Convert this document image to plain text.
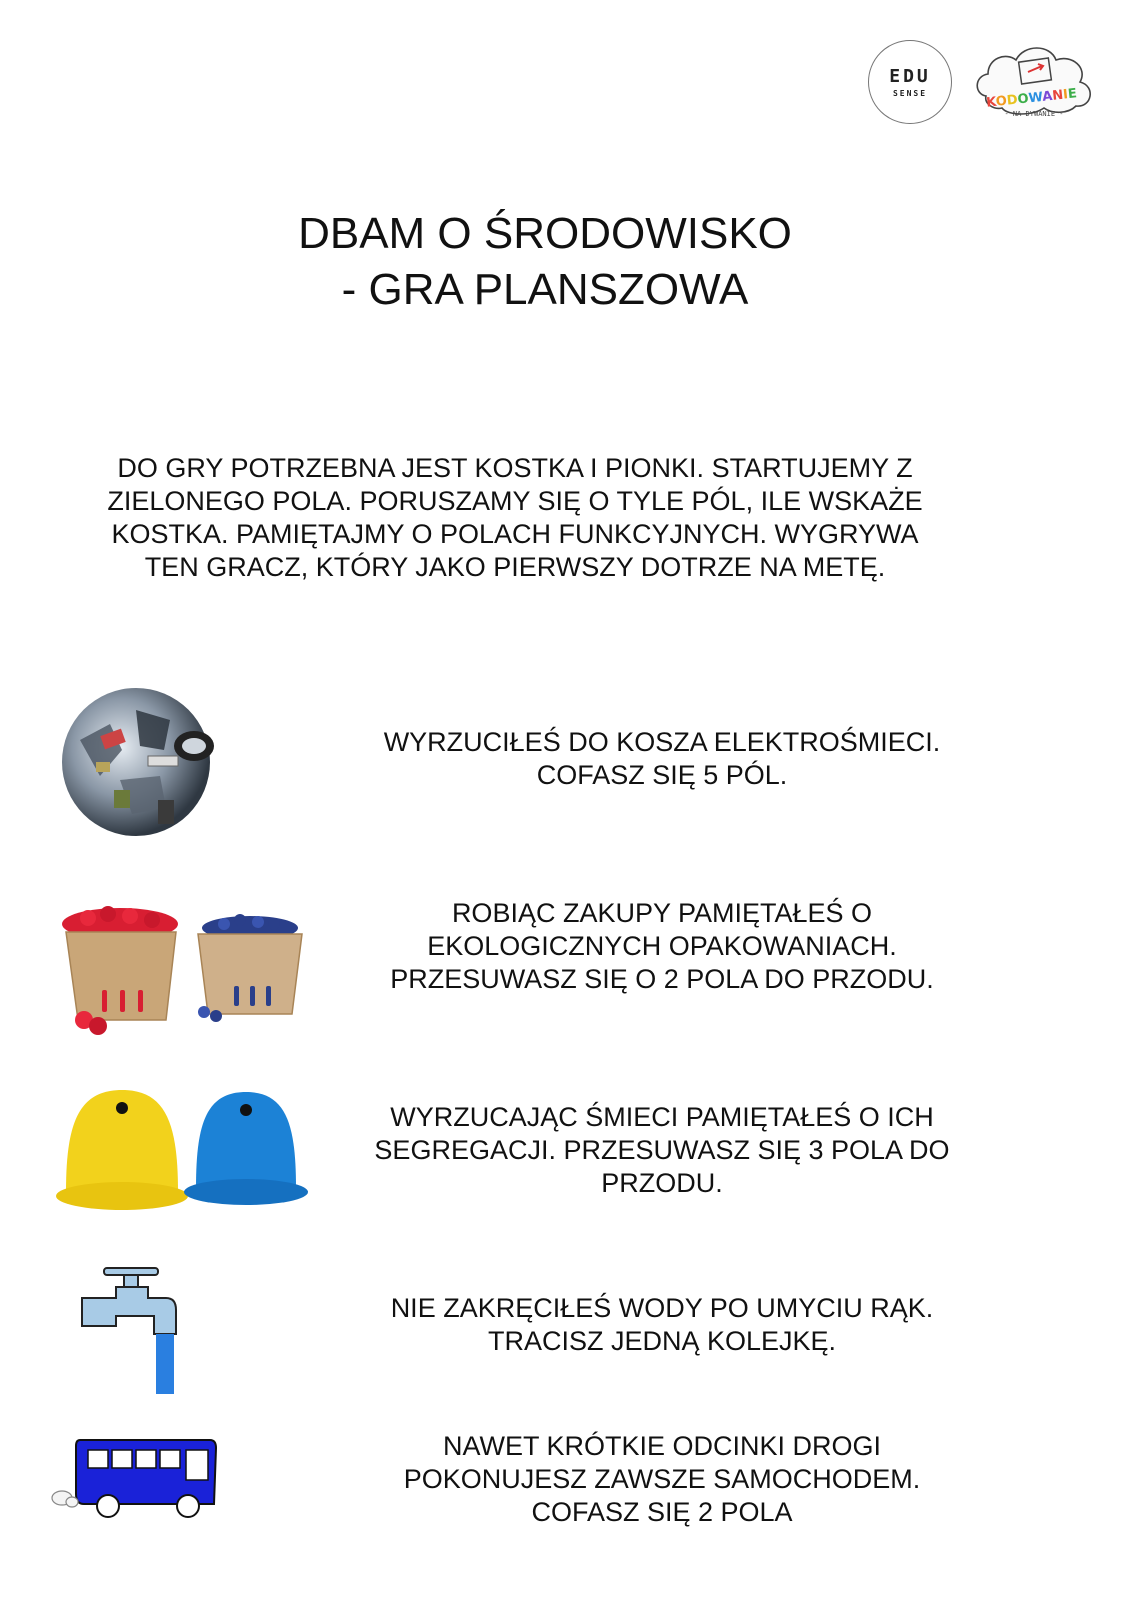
EDU
SENSE
KODOWANIE
- NA DYWANIE -
DBAM O ŚRODOWISKO
- GRA PLANSZOWA
DO GRY POTRZEBNA JEST KOSTKA I PIONKI. STARTUJEMY Z
ZIELONEGO POLA. PORUSZAMY SIĘ O TYLE PÓL, ILE WSKAŻE
KOSTKA. PAMIĘTAJMY O POLACH FUNKCYJNYCH. WYGRYWA
TEN GRACZ, KTÓRY JAKO PIERWSZY DOTRZE NA METĘ.
WYRZUCIŁEŚ DO KOSZA ELEKTROŚMIECI.
COFASZ SIĘ 5 PÓL.
ROBIĄC ZAKUPY PAMIĘTAŁEŚ O
EKOLOGICZNYCH OPAKOWANIACH.
PRZESUWASZ SIĘ O 2 POLA DO PRZODU.
WYRZUCAJĄC ŚMIECI PAMIĘTAŁEŚ O ICH
SEGREGACJI. PRZESUWASZ SIĘ 3 POLA DO
PRZODU.
NIE ZAKRĘCIŁEŚ WODY PO UMYCIU RĄK.
TRACISZ JEDNĄ KOLEJKĘ.
NAWET KRÓTKIE ODCINKI DROGI
POKONUJESZ ZAWSZE SAMOCHODEM.
COFASZ SIĘ 2 POLA
